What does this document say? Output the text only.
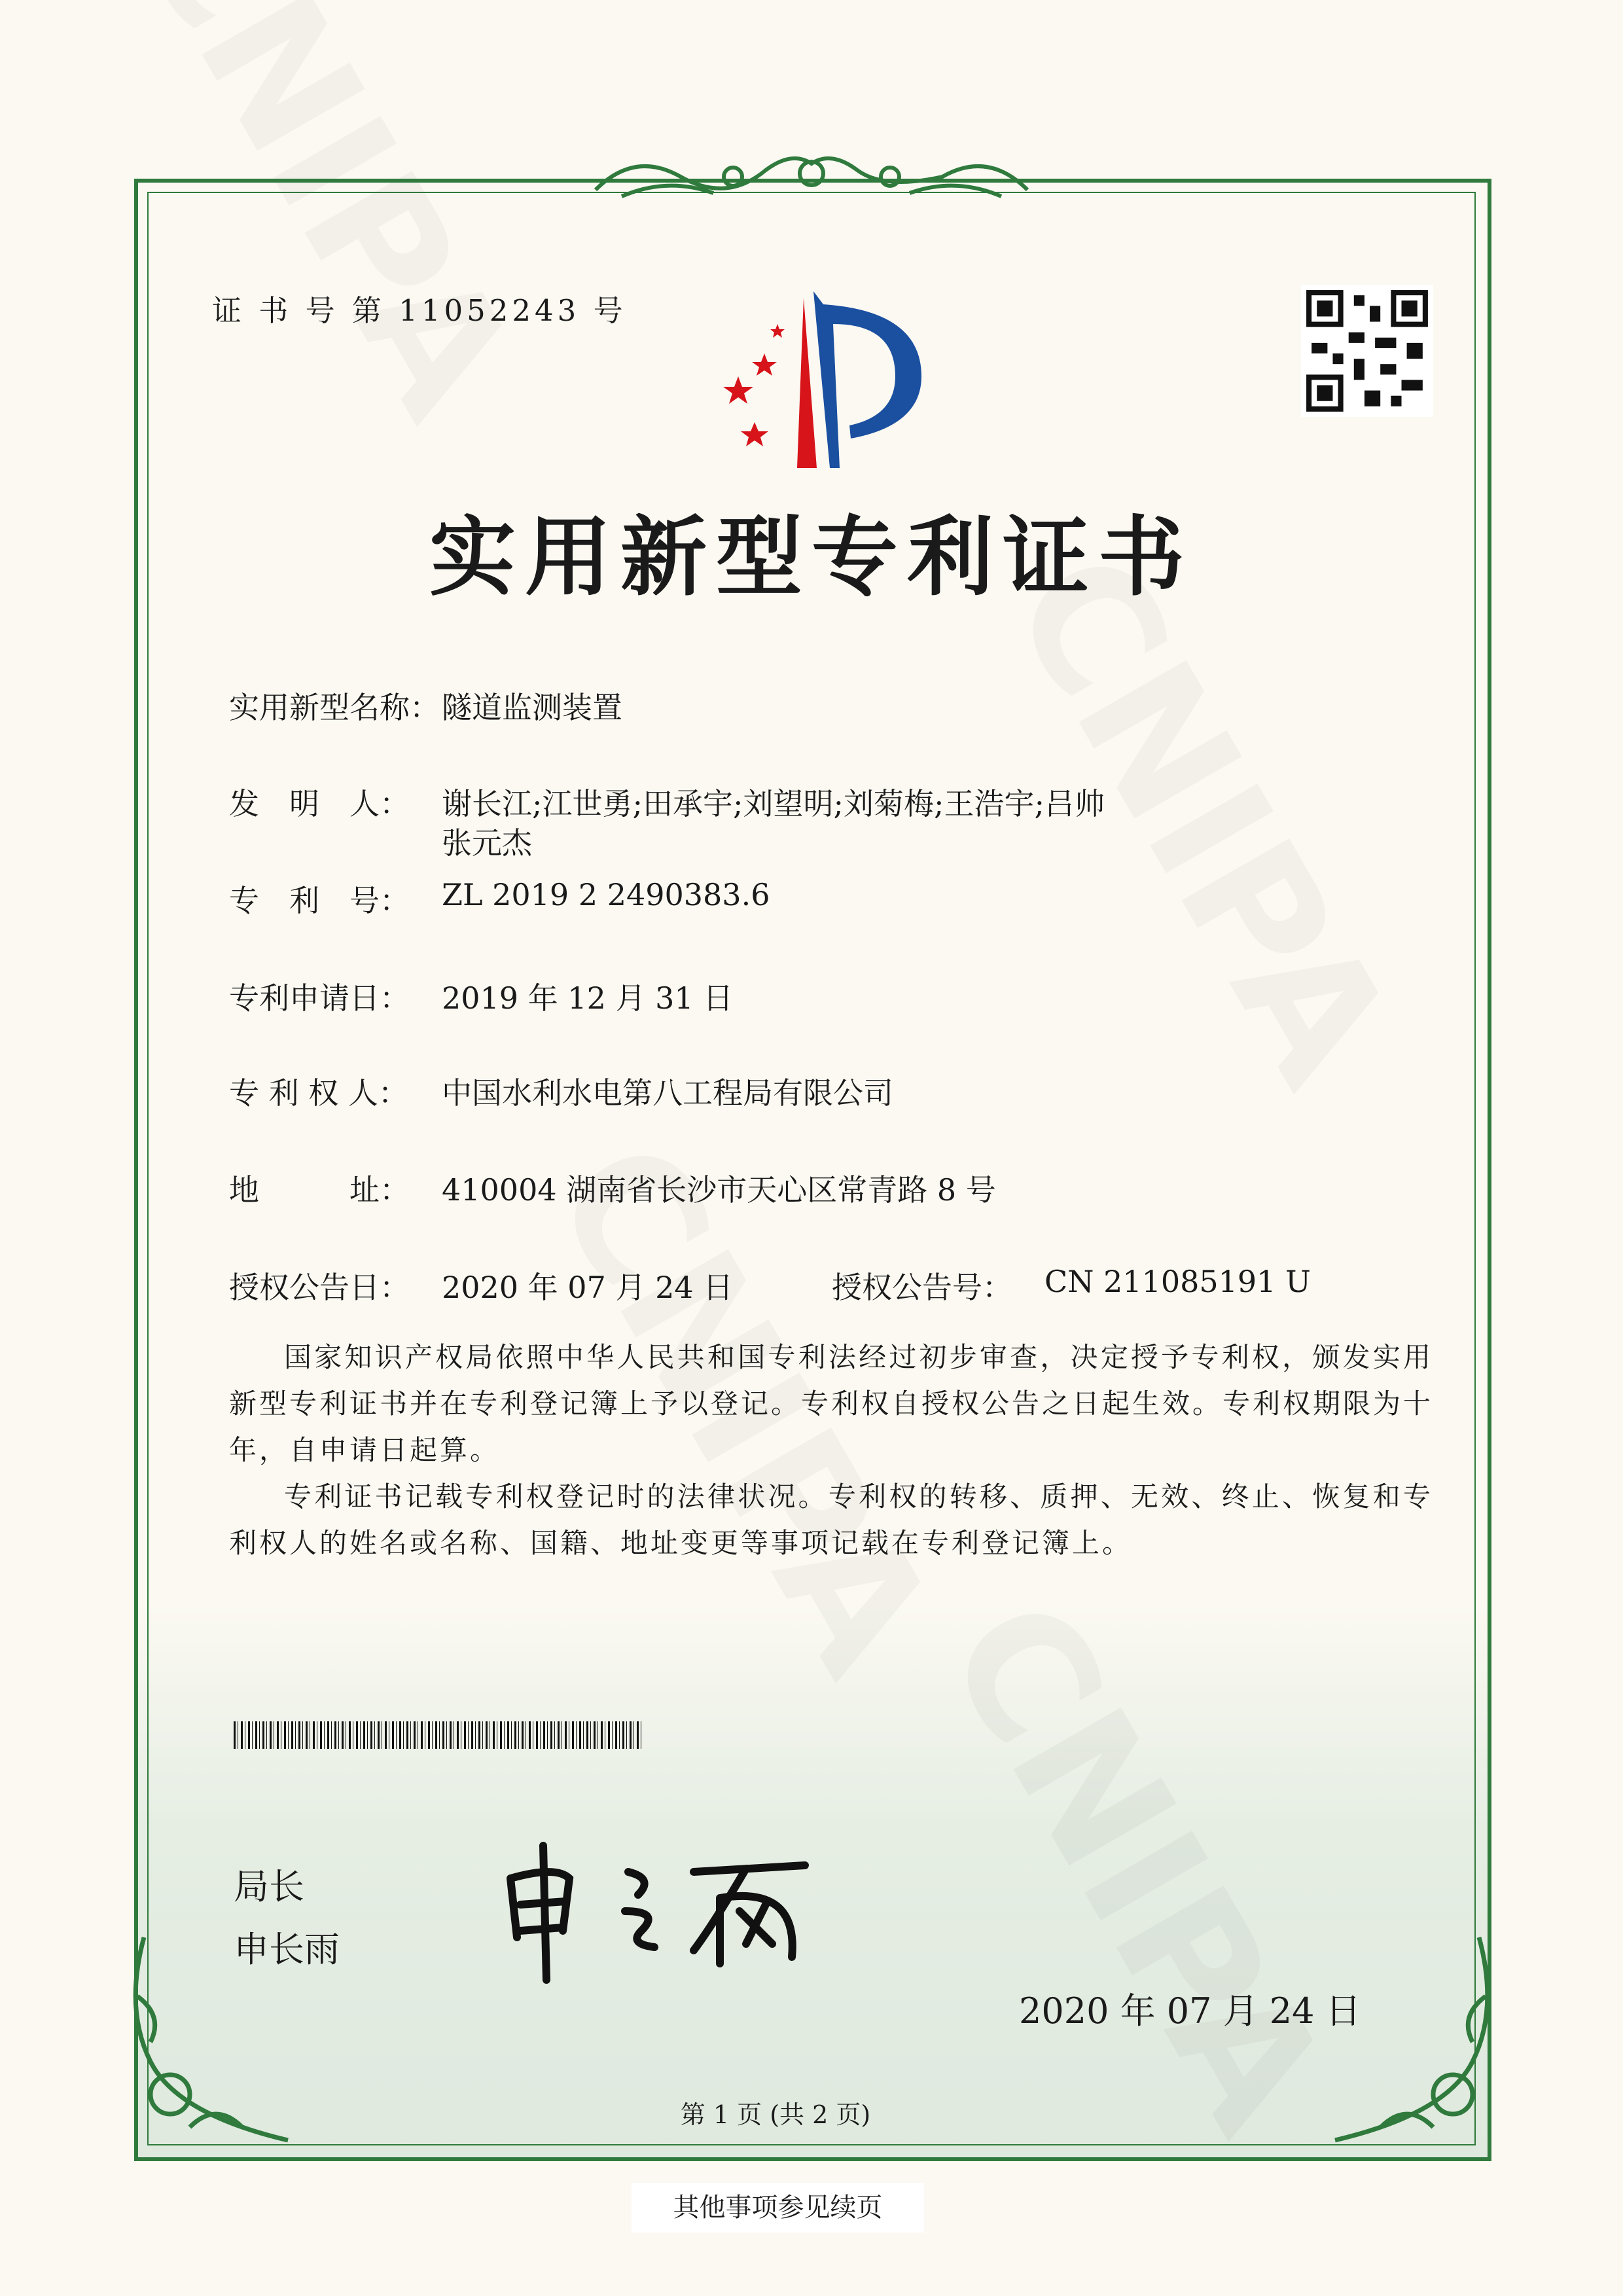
证 书 号 第 11052243 号
实用新型专利证书
实用新型名称： 隧道监测装置
发　明　人：	谢长江;江世勇;田承宇;刘望明;刘菊梅;王浩宇;吕帅
张元杰
专　利　号：	ZL 2019 2 2490383.6
专利申请日：	2019 年 12 月 31 日
专 利 权 人：	中国水利水电第八工程局有限公司
地　　　址：	410004 湖南省长沙市天心区常青路 8 号
授权公告日：	2020 年 07 月 24 日	授权公告号：	CN 211085191 U

国家知识产权局依照中华人民共和国专利法经过初步审查，决定授予专利权，颁发实用新型专利证书并在专利登记簿上予以登记。专利权自授权公告之日起生效。专利权期限为十年，自申请日起算。

专利证书记载专利权登记时的法律状况。专利权的转移、质押、无效、终止、恢复和专利权人的姓名或名称、国籍、地址变更等事项记载在专利登记簿上。

局长
申长雨
2020 年 07 月 24 日
第 1 页 (共 2 页)
其他事项参见续页
